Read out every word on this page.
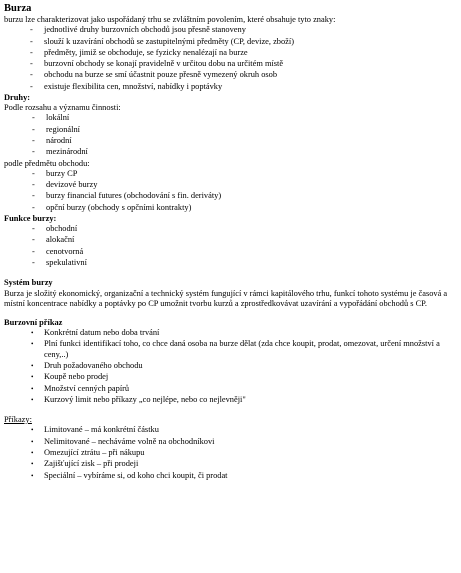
Burza

burzu lze charakterizovat jako uspořádaný trhu se zvláštním povolením, které obsahuje tyto znaky:

- jednotlivé druhy burzovních obchodů jsou přesně stanoveny
- slouží k uzavírání obchodů se zastupitelnými předměty (CP, devize, zboží)
- předměty, jimiž se obchoduje, se fyzicky nenalézají na burze
- burzovní obchody se konají pravidelně v určitou dobu na určitém místě
- obchodu na burze se smí účastnit pouze přesně vymezený okruh osob
- existuje flexibilita cen, množství, nabídky i poptávky

Druhy:

Podle rozsahu a významu činnosti:

- lokální
- regionální
- národní
- mezinárodní

podle předmětu obchodu:

- burzy CP
- devizové burzy
- burzy financial futures (obchodování s fin. deriváty)
- opční burzy (obchody s opčními kontrakty)

Funkce burzy:

- obchodní
- alokační
- cenotvorná
- spekulativní

Systém burzy

Burza je složitý ekonomický, organizační a technický systém fungující v rámci kapitálového trhu, funkcí tohoto systému je časová a místní koncentrace nabídky a poptávky po CP umožnit tvorbu kurzů a zprostředkovávat uzavírání a vypořádání obchodů s CP.

Burzovní příkaz

• Konkrétní datum nebo doba trvání
• Plní funkci identifikací toho, co chce daná osoba na burze dělat (zda chce koupit, prodat, omezovat, určení množství a ceny,..)
• Druh požadovaného obchodu
• Koupě nebo prodej
• Množství cenných papírů
• Kurzový limit nebo příkazy „co nejlépe, nebo co nejlevněji"

Příkazy:

• Limitované – má konkrétní částku
• Nelimitované – necháváme volně na obchodníkovi
• Omezující ztrátu – při nákupu
• Zajišťující zisk – při prodeji
• Speciální – vybíráme si, od koho chci koupit, či prodat
